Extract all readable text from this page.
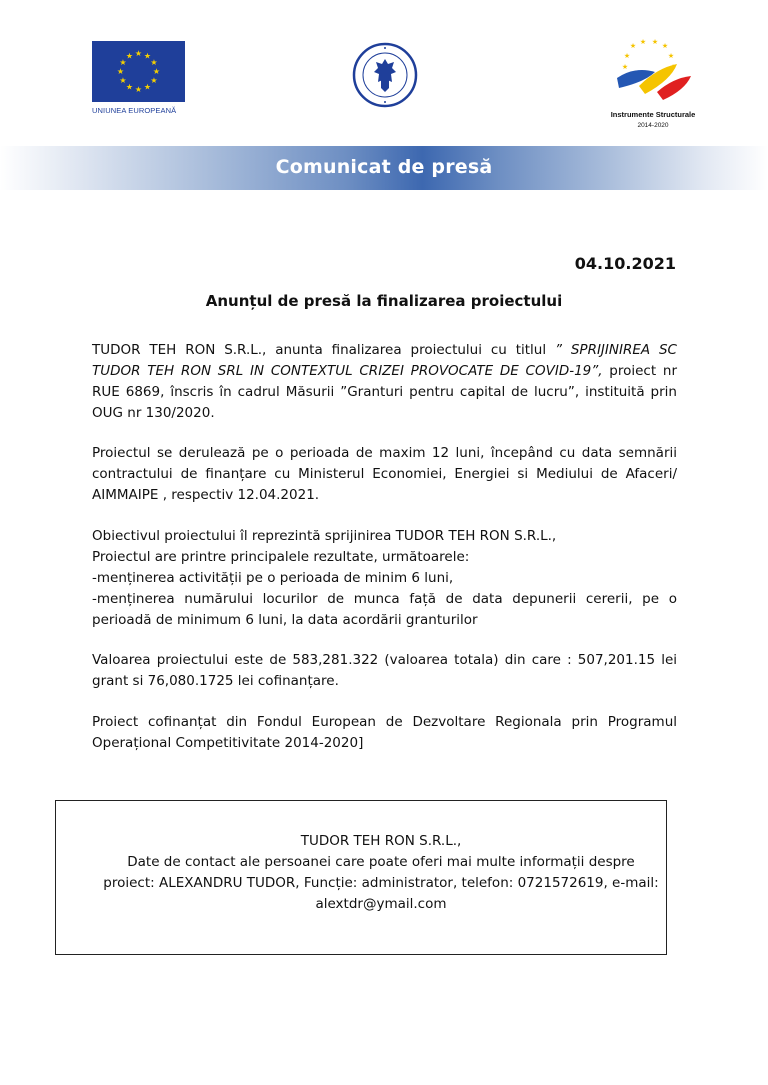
★ ★
★
★
★
★
★
★
★
★
★
★
UNIUNEA EUROPEANĂ
★ ★ ★ ★
★	★
★
Instrumente Structurale
2014-2020
Comunicat de presă
04.10.2021
Anunțul de presă la finalizarea proiectului
TUDOR TEH RON S.R.L., anunta finalizarea proiectului cu titlul ” SPRIJINIREA SC TUDOR TEH RON SRL IN CONTEXTUL CRIZEI PROVOCATE DE COVID-19”, proiect nr RUE 6869, înscris în cadrul Măsurii ”Granturi pentru capital de lucru”, instituită prin OUG nr 130/2020.
Proiectul se derulează pe o perioada de maxim 12 luni, începând cu data semnării contractului de finanțare cu Ministerul Economiei, Energiei si Mediului de Afaceri/ AIMMAIPE , respectiv 12.04.2021.
Obiectivul proiectului îl reprezintă sprijinirea TUDOR TEH RON S.R.L.,
Proiectul are printre principalele rezultate, următoarele:
-menținerea activității pe o perioada de minim 6 luni,
-menținerea numărului locurilor de munca față de data depunerii cererii, pe o perioadă de minimum 6 luni, la data acordării granturilor
Valoarea proiectului este de 583,281.322 (valoarea totala) din care : 507,201.15 lei grant si 76,080.1725 lei cofinanțare.
Proiect cofinanțat din Fondul European de Dezvoltare Regionala prin Programul Operațional Competitivitate 2014-2020]
TUDOR TEH RON S.R.L.,
Date de contact ale persoanei care poate oferi mai multe informații despre proiect: ALEXANDRU TUDOR, Funcție: administrator, telefon: 0721572619, e-mail: alextdr@ymail.com
